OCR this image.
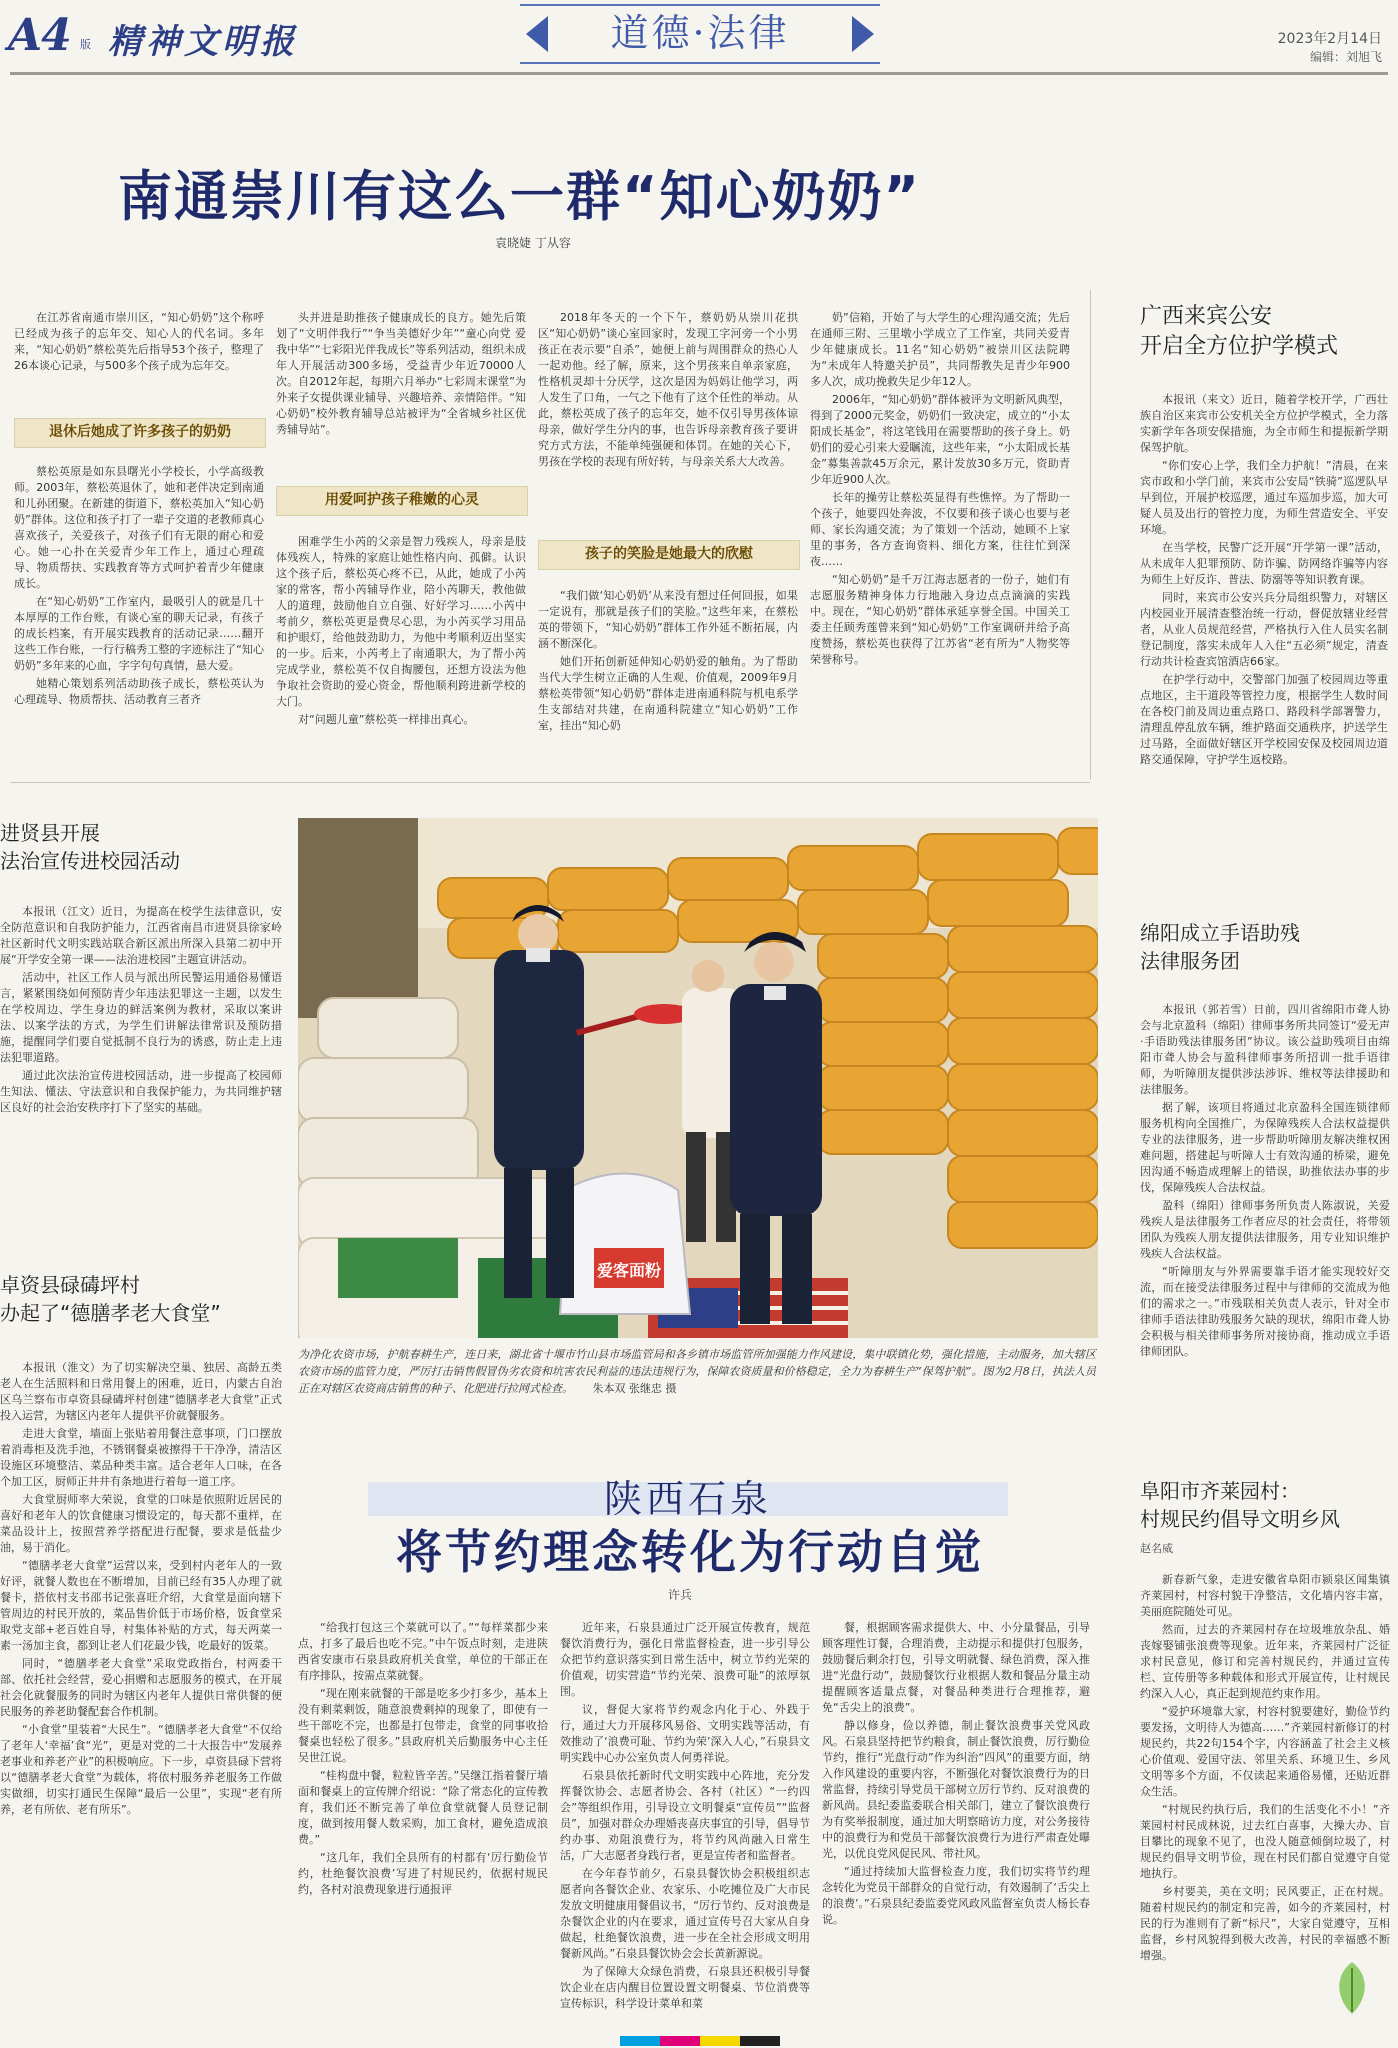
A4 版 精神文明报	道德·法律	2023年2月14日
编辑：刘旭飞
南通崇川有这么一群“知心奶奶”
袁晓婕 丁从容

在江苏省南通市崇川区，“知心奶奶”这个称呼已经成为孩子的忘年交、知心人的代名词。多年来，“知心奶奶”蔡松英先后指导53个孩子，整理了26本谈心记录，与500多个孩子成为忘年交。

退休后她成了许多孩子的奶奶

蔡松英原是如东县曙光小学校长，小学高级教师。2003年，蔡松英退休了，她和老伴决定到南通和儿孙团聚。在新建的街道下，蔡松英加入“知心奶奶”群体。这位和孩子打了一辈子交道的老教师真心喜欢孩子，关爱孩子，对孩子们有无限的耐心和爱心。她一心扑在关爱青少年工作上，通过心理疏导、物质帮扶、实践教育等方式呵护着青少年健康成长。

在“知心奶奶”工作室内，最吸引人的就是几十本厚厚的工作台账，有谈心室的聊天记录，有孩子的成长档案，有开展实践教育的活动记录……翻开这些工作台账，一行行稿秀工整的字迹标注了“知心奶奶”多年来的心血，字字句句真情，悬大爱。

她精心策划系列活动助孩子成长，蔡松英认为心理疏导、物质帮扶、活动教育三者齐

头并进是助推孩子健康成长的良方。她先后策划了“文明伴我行”“争当美德好少年”“童心向党 爱我中华”“七彩阳光伴我成长”等系列活动，组织未成年人开展活动300多场，受益青少年近70000人次。自2012年起，每期六月举办“七彩周末课堂”为外来子女提供课业辅导、兴趣培养、亲情陪伴。“知心奶奶”校外教育辅导总站被评为“全省城乡社区优秀辅导站”。

用爱呵护孩子稚嫩的心灵

困难学生小芮的父亲是智力残疾人，母亲是肢体残疾人，特殊的家庭让她性格内向、孤僻。认识这个孩子后，蔡松英心疼不已，从此，她成了小芮家的常客，帮小芮辅导作业，陪小芮聊天，教他做人的道理，鼓励他自立自强、好好学习……小芮中考前夕，蔡松英更是费尽心思，为小芮买学习用品和护眼灯，给他鼓劲助力，为他中考顺利迈出坚实的一步。后来，小芮考上了南通职大，为了帮小芮完成学业，蔡松英不仅自掏腰包，还想方设法为他争取社会资助的爱心资金，帮他顺利跨进新学校的大门。

对“问题儿童”蔡松英一样排出真心。

2018年冬天的一个下午，蔡奶奶从崇川花拱区“知心奶奶”谈心室回家时，发现工字河旁一个小男孩正在表示要“自杀”，她便上前与周围群众的热心人一起劝他。经了解，原来，这个男孩来自单亲家庭，性格机灵却十分厌学，这次是因为妈妈让他学习，两人发生了口角，一气之下他有了这个任性的举动。从此，蔡松英成了孩子的忘年交，她不仅引导男孩体谅母亲，做好学生分内的事，也告诉母亲教育孩子要讲究方式方法，不能单纯强硬和体罚。在她的关心下，男孩在学校的表现有所好转，与母亲关系大大改善。

孩子的笑脸是她最大的欣慰

“我们做‘知心奶奶’从来没有想过任何回报，如果一定说有，那就是孩子们的笑脸。”这些年来，在蔡松英的带领下，“知心奶奶”群体工作外延不断拓展，内涵不断深化。

她们开拓创新延伸知心奶奶爱的触角。为了帮助当代大学生树立正确的人生观、价值观，2009年9月蔡松英带领“知心奶奶”群体走进南通科院与机电系学生支部结对共建，在南通科院建立“知心奶奶”工作室，挂出“知心奶

奶”信箱，开始了与大学生的心理沟通交流；先后在通师三附、三里墩小学成立了工作室，共同关爱青少年健康成长。11名“知心奶奶”被崇川区法院聘为“未成年人特邀关护员”，共同帮教失足青少年900多人次，成功挽救失足少年12人。

2006年，“知心奶奶”群体被评为文明新风典型，得到了2000元奖金，奶奶们一致决定，成立的“小太阳成长基金”，将这笔钱用在需要帮助的孩子身上。奶奶们的爱心引来大爱瞩流，这些年来，“小太阳成长基金”募集善款45万余元，累计发放30多万元，资助青少年近900人次。

长年的操劳让蔡松英显得有些憔悴。为了帮助一个孩子，她要四处奔波，不仅要和孩子谈心也要与老师、家长沟通交流；为了策划一个活动，她顾不上家里的事务，各方查询资料、细化方案，往往忙到深夜……

“知心奶奶”是千万江海志愿者的一份子，她们有志愿服务精神身体力行地融入身边点点滴滴的实践中。现在，“知心奶奶”群体承延享誉全国。中国关工委主任顾秀莲曾来到“知心奶奶”工作室调研并给予高度赞扬，蔡松英也获得了江苏省“老有所为”人物奖等荣誉称号。

广西来宾公安
开启全方位护学模式

本报讯（来文）近日，随着学校开学，广西壮族自治区来宾市公安机关全方位护学模式，全力落实新学年各项安保措施，为全市师生和提振新学期保驾护航。

“你们安心上学，我们全力护航！”清晨，在来宾市政和小学门前，来宾市公安局“铁骑”巡逻队早早到位，开展护校巡逻，通过车巡加步巡，加大可疑人员及出行的管控力度，为师生营造安全、平安环境。

在当学校，民警广泛开展“开学第一课”活动，从未成年人犯罪预防、防诈骗、防网络诈骗等内容为师生上好反诈、普法、防溺等等知识教育课。

同时，来宾市公安兴兵分局组织警力，对辖区内校园业开展清查整治统一行动，督促放辖业经营者，从业人员规范经营，严格执行入住人员实名制登记制度，落实未成年人入住“五必须”规定，清查行动共计检查宾馆酒店66家。

在护学行动中，交警部门加强了校园周边等重点地区，主干道段等管控力度，根据学生人数时间在各校门前及周边重点路口、路段科学部署警力，清理乱停乱放车辆，维护路面交通秩序，护送学生过马路，全面做好辖区开学校园安保及校园周边道路交通保障，守护学生返校路。

进贤县开展
法治宣传进校园活动

本报讯（江文）近日，为提高在校学生法律意识，安全防范意识和自我防护能力，江西省南昌市进贤县徐家岭社区新时代文明实践站联合新区派出所深入县第二初中开展“开学安全第一课——法治进校园”主题宣讲活动。

活动中，社区工作人员与派出所民警运用通俗易懂语言，紧紧围绕如何预防青少年违法犯罪这一主题，以发生在学校周边、学生身边的鲜活案例为教材，采取以案讲法、以案学法的方式，为学生们讲解法律常识及预防措施，提醒同学们要自觉抵制不良行为的诱惑，防止走上违法犯罪道路。

通过此次法治宣传进校园活动，进一步提高了校园师生知法、懂法、守法意识和自我保护能力，为共同维护辖区良好的社会治安秩序打下了坚实的基础。

爱客面粉
为净化农资市场，护航春耕生产，连日来，湖北省十堰市竹山县市场监管局和各乡镇市场监管所加强能力作风建设，集中联镇化势，强化措施，主动服务，加大辖区农资市场的监管力度，严厉打击销售假冒伪劣农资和坑害农民利益的违法违规行为，保障农资质量和价格稳定，全力为春耕生产“保驾护航”。图为2月8日，执法人员正在对辖区农资商店销售的种子、化肥进行拉网式检查。 朱本双 张继忠 摄
绵阳成立手语助残
法律服务团

本报讯（郭若雪）日前，四川省绵阳市聋人协会与北京盈科（绵阳）律师事务所共同签订“爱无声·手语助残法律服务团”协议。该公益助残项目由绵阳市聋人协会与盈科律师事务所招训一批手语律师，为听障朋友提供涉法涉诉、维权等法律援助和法律服务。

据了解，该项目将通过北京盈科全国连锁律师服务机构向全国推广，为保障残疾人合法权益提供专业的法律服务，进一步帮助听障朋友解决维权困难问题，搭建起与听障人士有效沟通的桥梁，避免因沟通不畅造成理解上的错误，助推依法办事的步伐，保障残疾人合法权益。

盈科（绵阳）律师事务所负责人陈淑说，关爱残疾人是法律服务工作者应尽的社会责任，将带领团队为残疾人朋友提供法律服务，用专业知识维护残疾人合法权益。

“听障朋友与外界需要靠手语才能实现较好交流，而在接受法律服务过程中与律师的交流成为他们的需求之一。”市残联相关负责人表示，针对全市律师手语法律助残服务欠缺的现状，绵阳市聋人协会积极与相关律师事务所对接协商，推动成立手语律师团队。

卓资县碌碡坪村
办起了“德膳孝老大食堂”

本报讯（淮文）为了切实解决空巢、独居、高龄五类老人在生活照料和日常用餐上的困难，近日，内蒙古自治区乌兰察布市卓资县碌碡坪村创建“德膳孝老大食堂”正式投入运营，为辖区内老年人提供平价就餐服务。

走进大食堂，墙面上张贴着用餐注意事项，门口摆放着消毒柜及洗手池，不锈钢餐桌被擦得干干净净，清洁区设施区环境整洁、菜品种类丰富。适合老年人口味，在各个加工区，厨师正井井有条地进行着每一道工序。

大食堂厨师率大荣说，食堂的口味是依照附近居民的喜好和老年人的饮食健康习惯设定的，每天都不重样，在菜品设计上，按照营养学搭配进行配餐，要求是低盐少油，易于消化。

“德膳孝老大食堂”运营以来，受到村内老年人的一致好评，就餐人数也在不断增加，目前已经有35人办理了就餐卡，搭依村支书邵书记张喜旺介绍，大食堂是面向辖下管周边的村民开放的，菜品售价低于市场价格，饭食堂采取党支部+老百姓自导，村集体补贴的方式，每天两菜一素一汤加主食，都到让老人们花最少钱，吃最好的饭菜。

同时，“德膳孝老大食堂”采取党政指台，村两委干部、依托社会经营，爱心捐赠和志愿服务的模式，在开展社会化就餐服务的同时为辖区内老年人提供日常供餐的便民服务的养老助餐配套合作机制。

“小食堂”里装着“大民生”。“德膳孝老大食堂”不仅给了老年人‘幸福’食“光”，更是对党的二十大报告中“发展养老事业和养老产业”的积极响应。下一步，卓资县碌下营将以“德膳孝老大食堂”为载体，将依村服务养老服务工作做实做细，切实打通民生保障“最后一公里”，实现“老有所养，老有所依、老有所乐”。

陕西石泉
将节约理念转化为行动自觉
许兵

“给我打包这三个菜就可以了。”“每样菜都少来点，打多了最后也吃不完。”中午饭点时刻，走进陕西省安康市石泉县政府机关食堂，单位的干部正在有序排队，按需点菜就餐。

“现在刚来就餐的干部是吃多少打多少，基本上没有剩菜剩饭，随意浪费剩掉的现象了，即使有一些干部吃不完，也都是打包带走，食堂的同事收拾餐桌也轻松了很多。”县政府机关后勤服务中心主任吴世江说。

“桂构盘中餐，粒粒皆辛苦。”吴继江指着餐厅墙面和餐桌上的宣传牌介绍说：“除了常态化的宣传教育，我们还不断完善了单位食堂就餐人员登记制度，做到按用餐人数采购，加工食材，避免造成浪费。”

“这几年，我们全县所有的村都有‘厉行勤俭节约，杜绝餐饮浪费’写进了村规民约，依据村规民约，各村对浪费现象进行通报评

近年来，石泉县通过广泛开展宣传教育，规范餐饮消费行为，强化日常监督检查，进一步引导公众把节约意识落实到日常生活中，树立节约光荣的价值观，切实营造“节约光荣、浪费可耻”的浓厚氛围。

议，督促大家将节约观念内化于心、外践于行，通过大力开展移风易俗、文明实践等活动，有效推动了‘浪费可耻、节约为荣’深入人心，”石泉县文明实践中心办公室负责人何勇祥说。

石泉县依托新时代文明实践中心阵地，充分发挥餐饮协会、志愿者协会、各村（社区）“一约四会”等组织作用，引导设立文明餐桌“宣传员”“监督员”，加强对群众办理婚丧喜庆事宜的引导，倡导节约办事、劝阻浪费行为，将节约风尚融入日常生活，广大志愿者身践行者，更是宣传者和监督者。

在今年春节前夕，石泉县餐饮协会积极组织志愿者向各餐饮企业、农家乐、小吃摊位及广大市民发放文明健康用餐倡议书，“厉行节约、反对浪费是杂餐饮企业的内在要求，通过宣传号召大家从自身做起，杜绝餐饮浪费，进一步在全社会形成文明用餐新风尚。”石泉县餐饮协会会长黄新源说。

为了保障大众绿色消费，石泉县还积极引导餐饮企业在店内醒目位置设置文明餐桌、节位消费等宣传标识，科学设计菜单和菜

餐，根据顾客需求提供大、中、小分量餐品，引导顾客理性订餐，合理消费，主动提示和提供打包服务，鼓励餐后剩余打包，引导文明就餐、绿色消费，深入推进“光盘行动”，鼓励餐饮行业根据人数和餐品分量主动提醒顾客适量点餐，对餐品种类进行合理推荐，避免“舌尖上的浪费”。

静以修身，俭以养德，制止餐饮浪费事关党风政风。石泉县坚持把节约粮食，制止餐饮浪费，厉行勤俭节约，推行“光盘行动”作为纠治“四风”的重要方面，纳入作风建设的重要内容，不断强化对餐饮浪费行为的日常监督，持续引导党员干部树立厉行节约、反对浪费的新风尚。县纪委监委联合相关部门，建立了餐饮浪费行为有奖举报制度，通过加大明察暗访力度，对公务接待中的浪费行为和党员干部餐饮浪费行为进行严肃查处曝光，以优良党风促民风、带社风。

“通过持续加大监督检查力度，我们切实将节约理念转化为党员干部群众的自觉行动，有效遏制了‘舌尖上的浪费’。”石泉县纪委监委党风政风监督室负责人杨长春说。

阜阳市齐莱园村：
村规民约倡导文明乡风
赵名威

新春新气象，走进安徽省阜阳市颍泉区闻集镇齐莱园村，村容村貌干净整洁，文化墙内容丰富，美丽庭院随处可见。

然而，过去的齐莱园村存在垃圾堆放杂乱、婚丧嫁娶铺张浪费等现象。近年来，齐莱园村广泛征求村民意见，修订和完善村规民约，并通过宣传栏、宣传册等多种载体和形式开展宣传，让村规民约深入人心，真正起到规范约束作用。

“爱护环境靠大家，村容村貌要建好，勤俭节约要发扬，文明待人为德高……”齐莱园村新修订的村规民约，共22句154个字，内容涵盖了社会主义核心价值观、爱国守法、邻里关系、环境卫生、乡风文明等多个方面，不仅读起来通俗易懂，还贴近群众生活。

“村规民约执行后，我们的生活变化不小！”齐莱园村村民成林说，过去红白喜事，大操大办、盲目攀比的现象不见了，也没人随意倾倒垃圾了，村规民约倡导文明节俭，现在村民们都自觉遵守自觉地执行。

乡村要美，美在文明；民风要正，正在村规。随着村规民约的制定和完善，如今的齐莱园村，村民的行为准则有了新“标尺”，大家自觉遵守，互相监督，乡村风貌得到极大改善，村民的幸福感不断增强。
